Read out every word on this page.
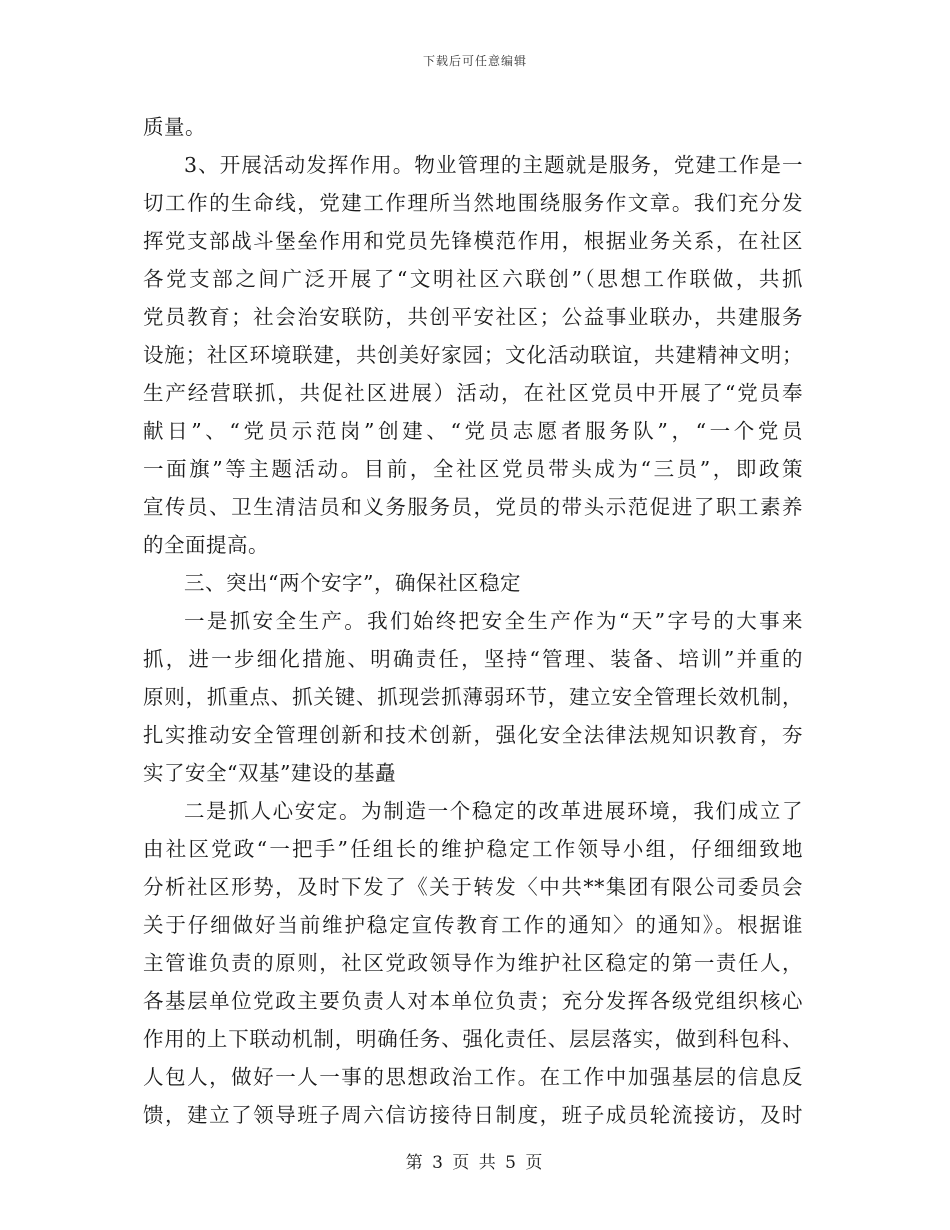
下载后可任意编辑
质量。
3、开展活动发挥作用。物业管理的主题就是服务，党建工作是一
切工作的生命线，党建工作理所当然地围绕服务作文章。我们充分发
挥党支部战斗堡垒作用和党员先锋模范作用，根据业务关系，在社区
各党支部之间广泛开展了“文明社区六联创”（思想工作联做，共抓
党员教育；社会治安联防，共创平安社区；公益事业联办，共建服务
设施；社区环境联建，共创美好家园；文化活动联谊，共建精神文明；
生产经营联抓，共促社区进展）活动，在社区党员中开展了“党员奉
献日”、“党员示范岗”创建、“党员志愿者服务队”，“一个党员
一面旗”等主题活动。目前，全社区党员带头成为“三员”，即政策
宣传员、卫生清洁员和义务服务员，党员的带头示范促进了职工素养
的全面提高。
三、突出“两个安字”，确保社区稳定
一是抓安全生产。我们始终把安全生产作为“天”字号的大事来
抓，进一步细化措施、明确责任，坚持“管理、装备、培训”并重的
原则，抓重点、抓关键、抓现尝抓薄弱环节，建立安全管理长效机制，
扎实推动安全管理创新和技术创新，强化安全法律法规知识教育，夯
实了安全“双基”建设的基矗
二是抓人心安定。为制造一个稳定的改革进展环境，我们成立了
由社区党政“一把手”任组长的维护稳定工作领导小组，仔细细致地
分析社区形势，及时下发了《关于转发〈中共**集团有限公司委员会
关于仔细做好当前维护稳定宣传教育工作的通知〉的通知》。根据谁
主管谁负责的原则，社区党政领导作为维护社区稳定的第一责任人，
各基层单位党政主要负责人对本单位负责；充分发挥各级党组织核心
作用的上下联动机制，明确任务、强化责任、层层落实，做到科包科、
人包人，做好一人一事的思想政治工作。在工作中加强基层的信息反
馈，建立了领导班子周六信访接待日制度，班子成员轮流接访，及时
第 3 页 共 5 页
